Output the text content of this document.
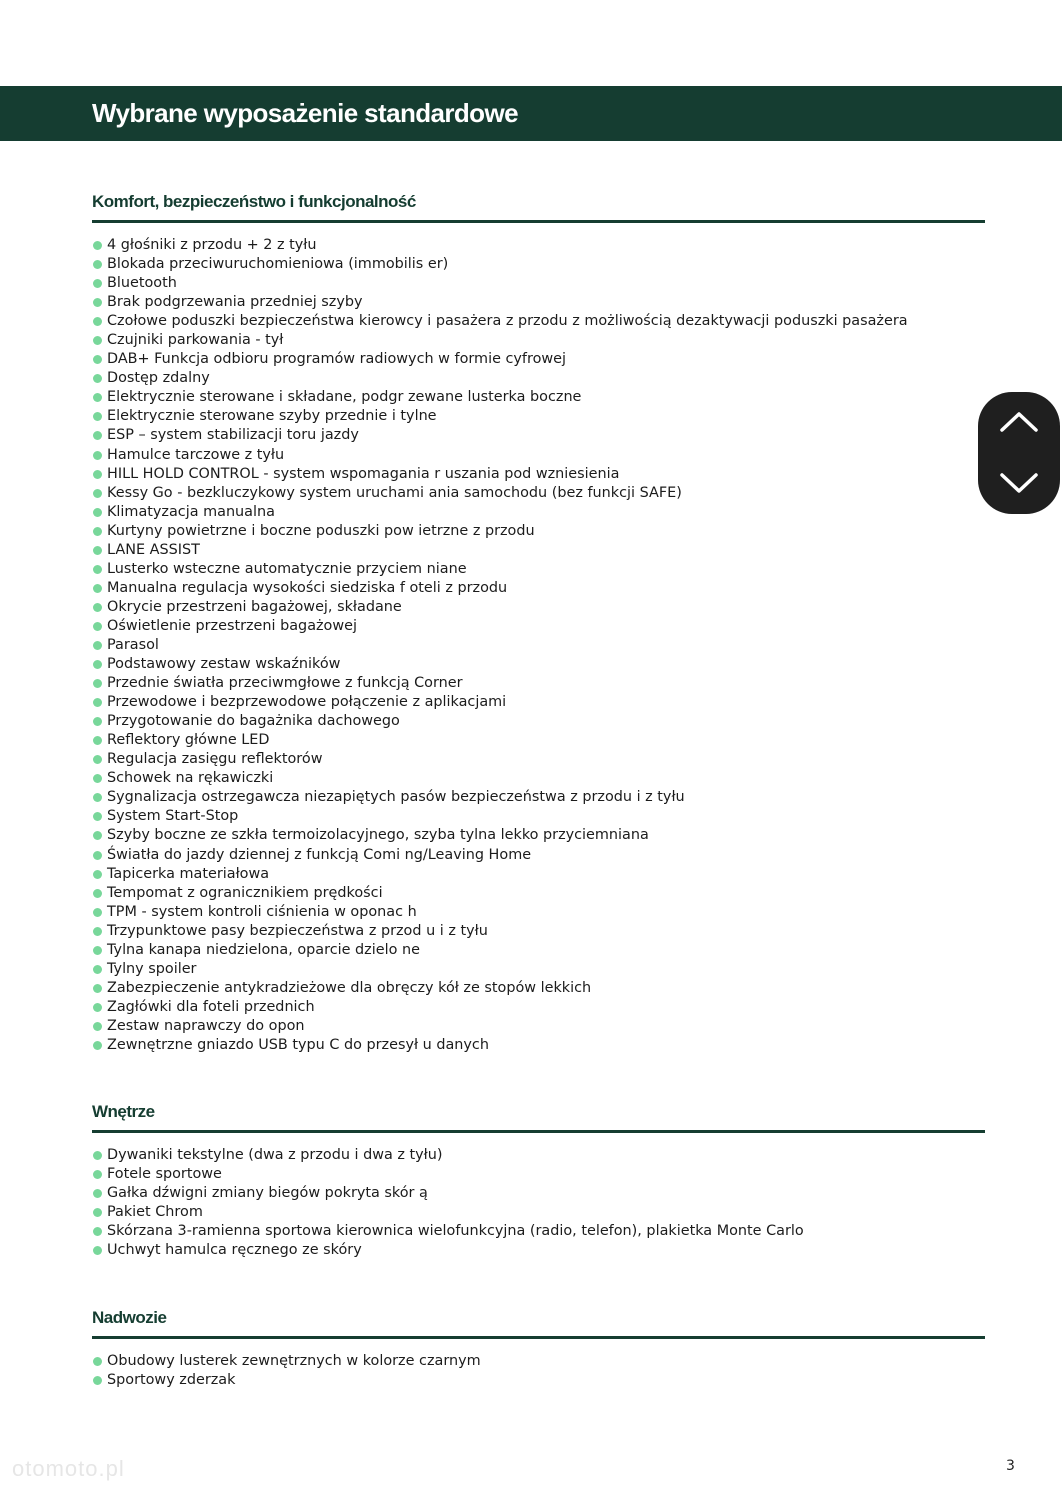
Wybrane wyposażenie standardowe
Komfort, bezpieczeństwo i funkcjonalność
4 głośniki z przodu + 2 z tyłu
Blokada przeciwuruchomieniowa (immobilis er)
Bluetooth
Brak podgrzewania przedniej szyby
Czołowe poduszki bezpieczeństwa kierowcy i pasażera z przodu z możliwością dezaktywacji poduszki pasażera
Czujniki parkowania - tył
DAB+ Funkcja odbioru programów radiowych w formie cyfrowej
Dostęp zdalny
Elektrycznie sterowane i składane, podgr zewane lusterka boczne
Elektrycznie sterowane szyby przednie i tylne
ESP – system stabilizacji toru jazdy
Hamulce tarczowe z tyłu
HILL HOLD CONTROL - system wspomagania r uszania pod wzniesienia
Kessy Go - bezkluczykowy system uruchami ania samochodu (bez funkcji SAFE)
Klimatyzacja manualna
Kurtyny powietrzne i boczne poduszki pow ietrzne z przodu
LANE ASSIST
Lusterko wsteczne automatycznie przyciem niane
Manualna regulacja wysokości siedziska f oteli z przodu
Okrycie przestrzeni bagażowej, składane
Oświetlenie przestrzeni bagażowej
Parasol
Podstawowy zestaw wskaźników
Przednie światła przeciwmgłowe z funkcją Corner
Przewodowe i bezprzewodowe połączenie z aplikacjami
Przygotowanie do bagażnika dachowego
Reflektory główne LED
Regulacja zasięgu reflektorów
Schowek na rękawiczki
Sygnalizacja ostrzegawcza niezapiętych pasów bezpieczeństwa z przodu i z tyłu
System Start-Stop
Szyby boczne ze szkła termoizolacyjnego, szyba tylna lekko przyciemniana
Światła do jazdy dziennej z funkcją Comi ng/Leaving Home
Tapicerka materiałowa
Tempomat z ogranicznikiem prędkości
TPM - system kontroli ciśnienia w oponac h
Trzypunktowe pasy bezpieczeństwa z przod u i z tyłu
Tylna kanapa niedzielona, oparcie dzielo ne
Tylny spoiler
Zabezpieczenie antykradzieżowe dla obręczy kół ze stopów lekkich
Zagłówki dla foteli przednich
Zestaw naprawczy do opon
Zewnętrzne gniazdo USB typu C do przesył u danych
Wnętrze
Dywaniki tekstylne (dwa z przodu i dwa z tyłu)
Fotele sportowe
Gałka dźwigni zmiany biegów pokryta skór ą
Pakiet Chrom
Skórzana 3-ramienna sportowa kierownica wielofunkcyjna (radio, telefon), plakietka Monte Carlo
Uchwyt hamulca ręcznego ze skóry
Nadwozie
Obudowy lusterek zewnętrznych w kolorze czarnym
Sportowy zderzak
otomoto.pl	3
